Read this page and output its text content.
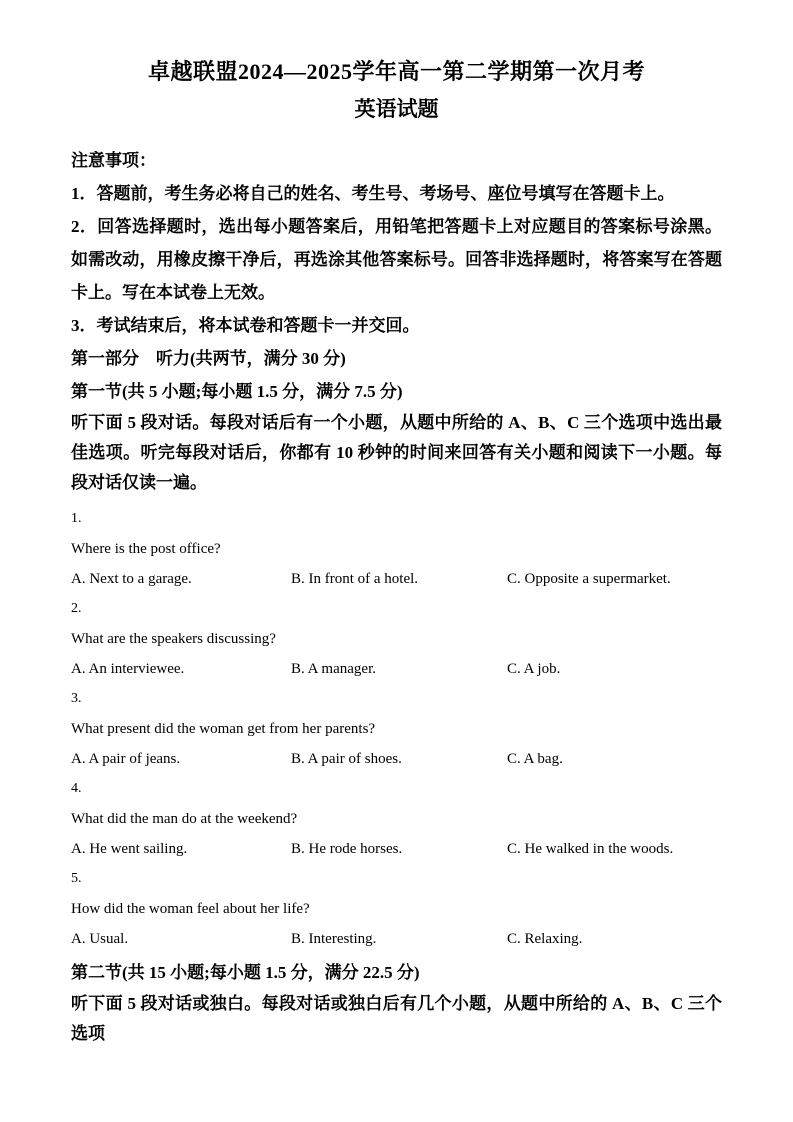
卓越联盟2024—2025学年高一第二学期第一次月考
英语试题
注意事项：
1．答题前，考生务必将自己的姓名、考生号、考场号、座位号填写在答题卡上。
2．回答选择题时，选出每小题答案后，用铅笔把答题卡上对应题目的答案标号涂黑。如需改动，用橡皮擦干净后，再选涂其他答案标号。回答非选择题时，将答案写在答题卡上。写在本试卷上无效。
3．考试结束后，将本试卷和答题卡一并交回。
第一部分　听力(共两节，满分 30 分)
第一节(共 5 小题;每小题 1.5 分，满分 7.5 分)
听下面 5 段对话。每段对话后有一个小题，从题中所给的 A、B、C 三个选项中选出最佳选项。听完每段对话后，你都有 10 秒钟的时间来回答有关小题和阅读下一小题。每段对话仅读一遍。
1.
Where is the post office?
A. Next to a garage.	B. In front of a hotel.	C. Opposite a supermarket.
2.
What are the speakers discussing?
A. An interviewee.	B. A manager.	C. A job.
3.
What present did the woman get from her parents?
A. A pair of jeans.	B. A pair of shoes.	C. A bag.
4.
What did the man do at the weekend?
A. He went sailing.	B. He rode horses.	C. He walked in the woods.
5.
How did the woman feel about her life?
A. Usual.	B. Interesting.	C. Relaxing.
第二节(共 15 小题;每小题 1.5 分，满分 22.5 分)
听下面 5 段对话或独白。每段对话或独白后有几个小题，从题中所给的 A、B、C 三个选项
